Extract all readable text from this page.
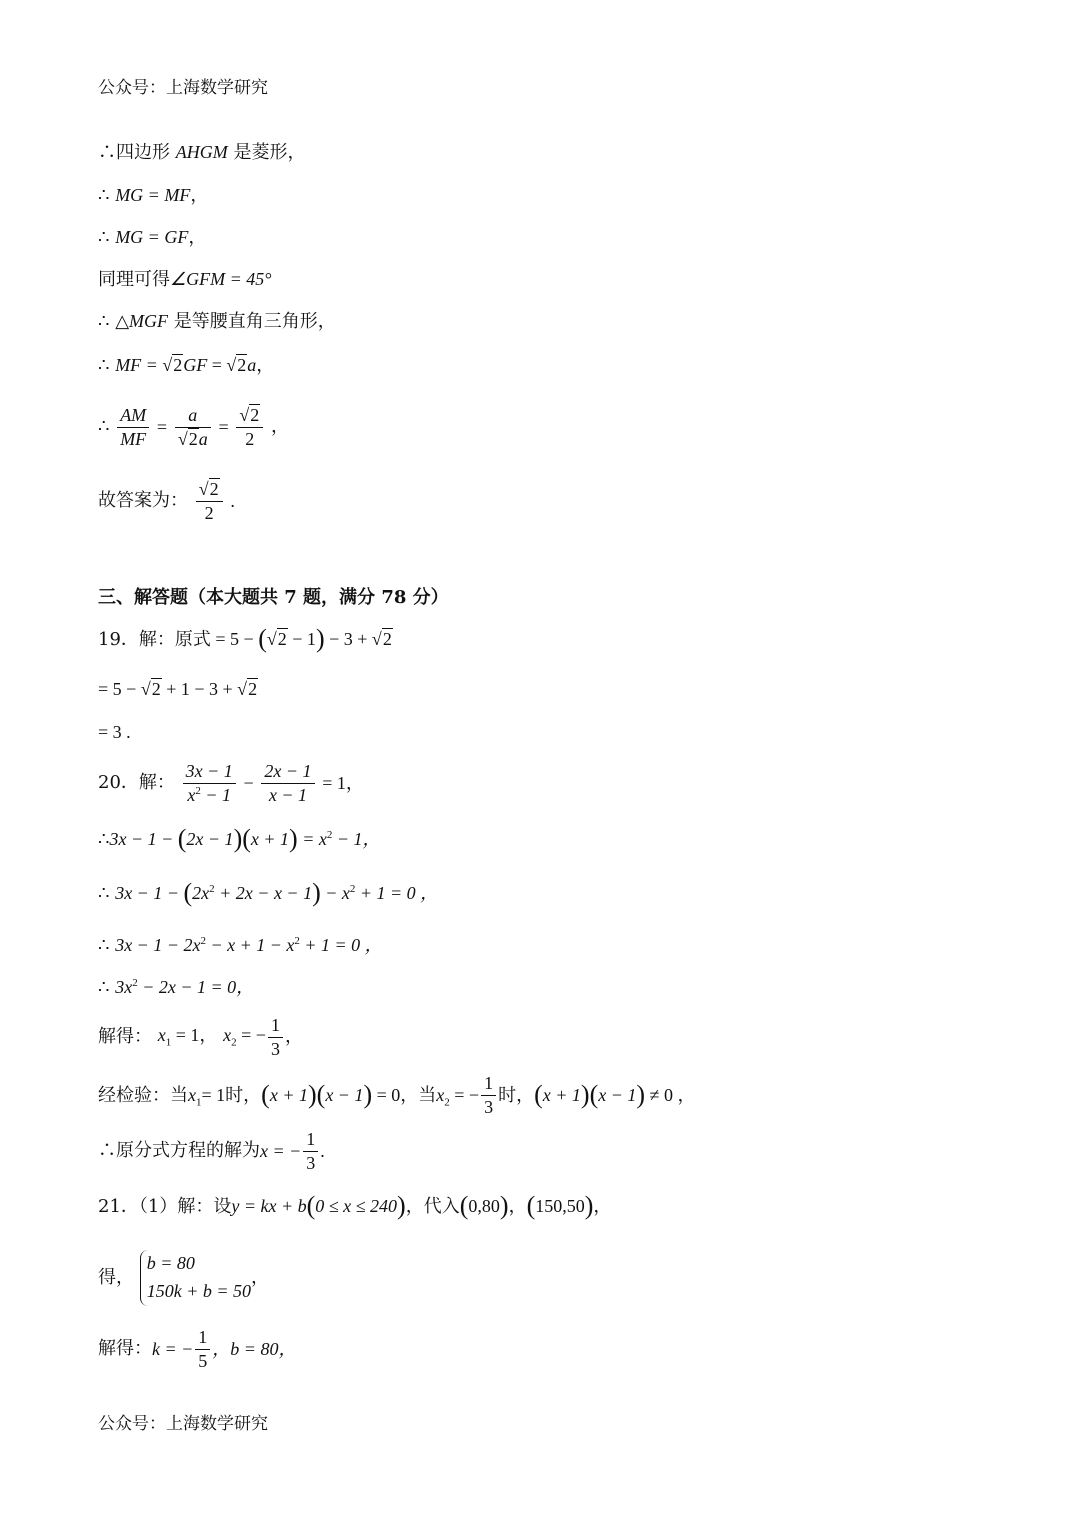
公众号：上海数学研究
∴四边形 AHGM 是菱形，
∴ MG = MF，
∴ MG = GF，
同理可得∠GFM = 45°
∴ △MGF 是等腰直角三角形，
∴ MF = √2GF = √2a，
∴ $\frac{AM}{MF} = \frac{a}{√2a} = \frac{√2}{2}$ ，
故答案为： $\frac{√2}{2}$ .
三、解答题（本大题共 7 题，满分 78 分）
19．解：原式 = 5 − (√2 − 1) − 3 + √2
= 5 − √2 + 1 − 3 + √2
= 3 .
20．解： $\frac{3x - 1}{x^2 - 1} - \frac{2x - 1}{x - 1} = 1$，
∴3x − $1 - (2x - 1)(x + 1) = x^2 - 1$，
∴ $3x - 1 - (2x^2 + 2x - x - 1) - x^2 + 1 = 0$ ，
∴ $3x - 1 - 2x^2 - x + 1 - x^2 + 1 = 0$ ，
∴ $3x^2 - 2x - 1 = 0$，
解得： $x_1 = 1$， $x_2$ = − $\frac{1}{3}$ ，
经检验：当$x_1= 1$时，(x + 1)(x − 1) = 0，当$x_2$ = − $\frac{1}{3}$ 时，(x + 1)(x − 1) ≠ 0 ，
∴原分式方程的解为x = − $\frac{1}{3}$ .
21．（1）解：设y = kx + b(0 ≤ x ≤ 240)，代入(0,80)，(150,50)，
得，
b = 80
150k + b = 50
，
解得：k = − $\frac{1}{5}$ ，b = 80，
公众号：上海数学研究
